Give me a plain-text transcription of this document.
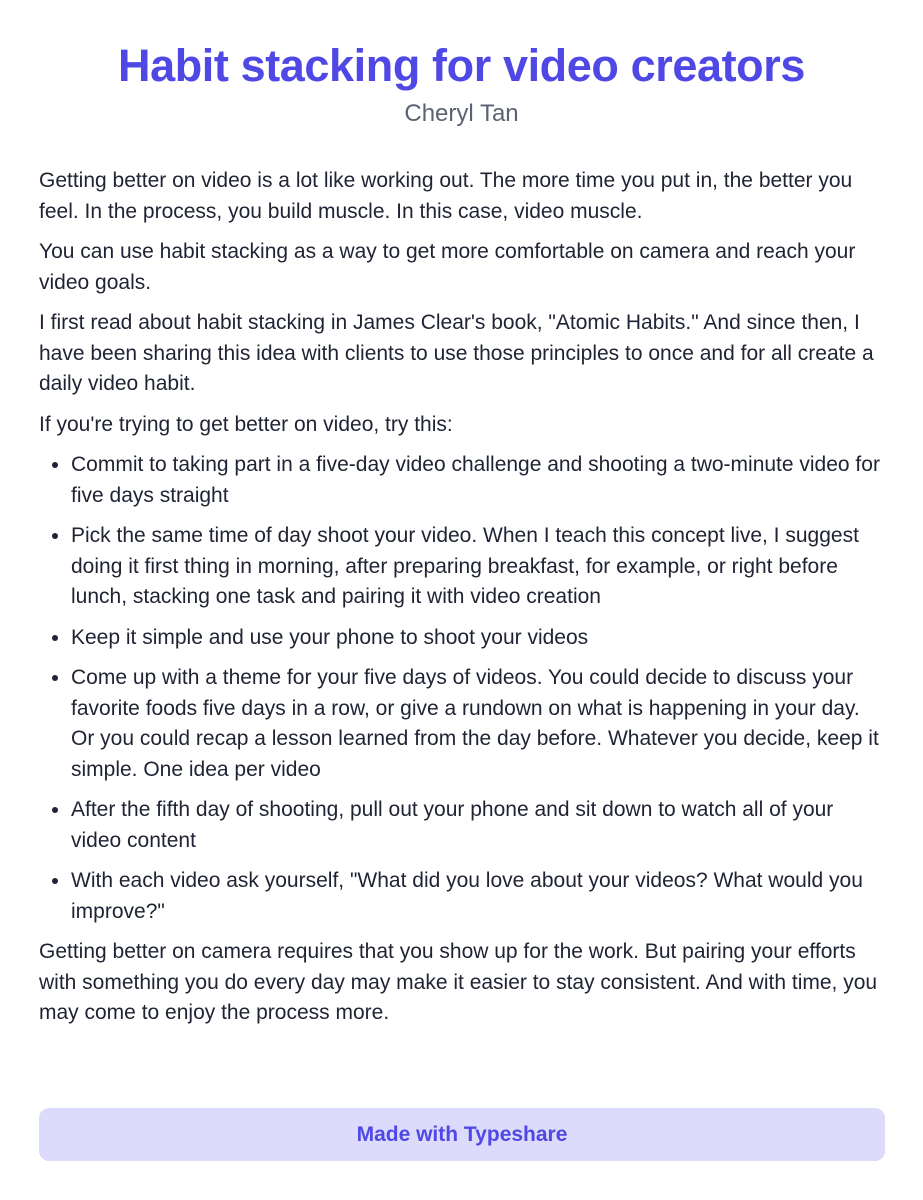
Habit stacking for video creators
Cheryl Tan

Getting better on video is a lot like working out. The more time you put in, the better you feel. In the process, you build muscle. In this case, video muscle.

You can use habit stacking as a way to get more comfortable on camera and reach your video goals.

I first read about habit stacking in James Clear's book, "Atomic Habits." And since then, I have been sharing this idea with clients to use those principles to once and for all create a daily video habit.

If you're trying to get better on video, try this:

• Commit to taking part in a five-day video challenge and shooting a two-minute video for five days straight
• Pick the same time of day shoot your video. When I teach this concept live, I suggest doing it first thing in morning, after preparing breakfast, for example, or right before lunch, stacking one task and pairing it with video creation
• Keep it simple and use your phone to shoot your videos
• Come up with a theme for your five days of videos. You could decide to discuss your favorite foods five days in a row, or give a rundown on what is happening in your day. Or you could recap a lesson learned from the day before. Whatever you decide, keep it simple. One idea per video
• After the fifth day of shooting, pull out your phone and sit down to watch all of your video content
• With each video ask yourself, "What did you love about your videos? What would you improve?"

Getting better on camera requires that you show up for the work. But pairing your efforts with something you do every day may make it easier to stay consistent. And with time, you may come to enjoy the process more.

Made with Typeshare
